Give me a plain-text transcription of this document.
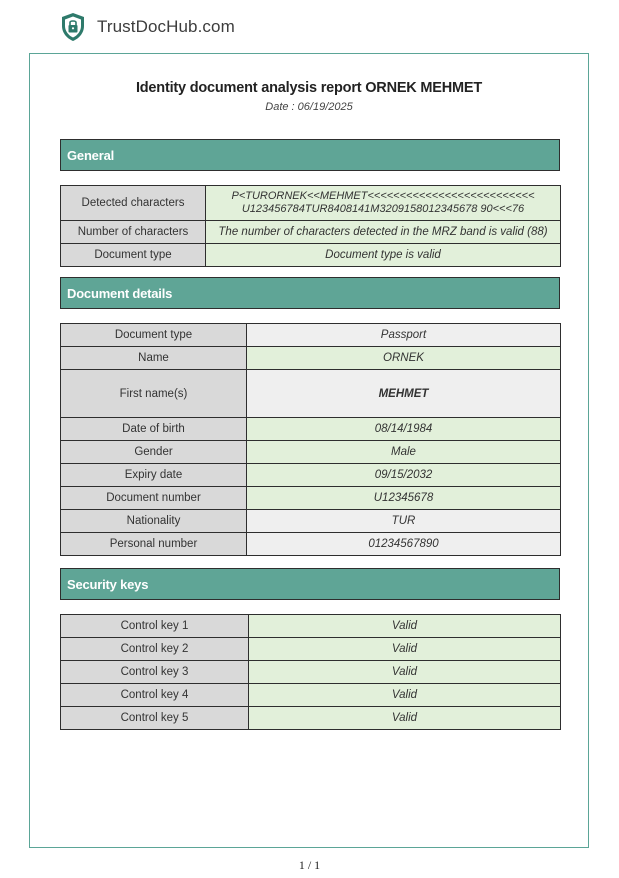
TrustDocHub.com
Identity document analysis report ORNEK MEHMET
Date : 06/19/2025
General
Detected characters	P<TURORNEK<<MEHMET<<<<<<<<<<<<<<<<<<<<<<<<<<
U123456784TUR8408141M3209158012345678 90<<<76

Number of characters	The number of characters detected in the MRZ band is valid (88)
Document type	Document type is valid
Document details
Document type	Passport
Name	ORNEK
First name(s)	MEHMET
Date of birth	08/14/1984
Gender	Male
Expiry date	09/15/2032
Document number	U12345678
Nationality	TUR
Personal number	01234567890
Security keys
Control key 1	Valid
Control key 2	Valid
Control key 3	Valid
Control key 4	Valid
Control key 5	Valid
1 / 1
